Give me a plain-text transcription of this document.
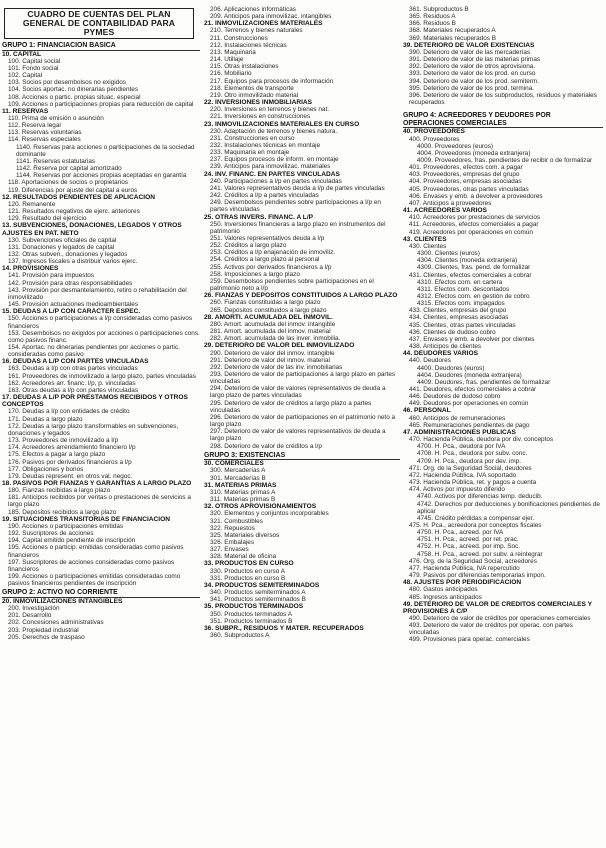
CUADRO DE CUENTAS DEL PLAN
GENERAL DE CONTABILIDAD PARA
PYMES
GRUPO 1: FINANCIACIÓN BÁSICA
10. CAPITAL
100. Capital social
101. Fondo social
102. Capital
103. Socios por desembolsos no exigidos
104. Socios aportac. no dinerarias pendientes
108. Acciones o partic. propias situac. especial
109. Acciones o participaciones propias para reducción de capital
11. RESERVAS
110. Prima de emisión o asunción
112. Reserva legal
113. Reservas voluntarias
114. Reservas especiales
1140. Reservas para acciones o participaciones de la sociedad dominante
1141. Reservas estatutarias
1142. Reserva por capital amortizado
1144. Reservas por acciones propias aceptadas en garantía
118. Aportaciones de socios o propietarios
119. Diferencias por ajuste del capital a euros
12. RESULTADOS PENDIENTES DE APLICACIÓN
120. Remanente
121. Resultados negativos de ejerc. anteriores
129. Resultado del ejercicio
13. SUBVENCIONES, DONACIONES, LEGADOS Y OTROS AJUSTES EN PAT. NETO
130. Subvenciones oficiales de capital
131. Donaciones y legados de capital
132. Otras subven., donaciones y legados
137. Ingresos fiscales a distribuir varios ejerc.
14. PROVISIONES
141. Provisión para impuestos
142. Provisión para otras responsabilidades
143. Provisión por desmantelamiento, retiro o rehabilitación del inmovilizado
145. Provisión actuaciones medioambientales
15. DEUDAS A L/P CON CARÁCTER ESPEC.
150. Acciones o participaciones a l/p consideradas como pasivos financieros
153. Desembolsos no exigidos por acciones o participaciones cons. como pasivos financ.
154. Aportac. no dinerarias pendientes por acciones o partic. consideradas como pasivo
16. DEUDAS A L/P CON PARTES VINCULADAS
163. Deudas a l/p con otras partes vinculadas
161. Proveedores de inmovilizado a largo plazo, partes vinculadas
162. Acreedores arr. financ. l/p, p. vinculadas
163. Otras deudas a l/p con partes vinculadas
17. DEUDAS A L/P POR PRÉSTAMOS RECIBIDOS Y OTROS CONCEPTOS
170. Deudas a l/p con entidades de crédito
171. Deudas a largo plazo
172. Deudas a largo plazo transformables en subvenciones, donaciones y legados
173. Proveedores de inmovilizado a l/p
174. Acreedores arrendamiento financiero l/p
175. Efectos a pagar a largo plazo
176. Pasivos por derivados financieros a l/p
177. Obligaciones y bonos
179. Deudas represent. en otros val. negoc.
18. PASIVOS POR FIANZAS Y GARANTÍAS A LARGO PLAZO
180. Fianzas recibidas a largo plazo
181. Anticipos recibidos por ventas o prestaciones de servicios a largo plazo
185. Depósitos recibidos a largo plazo
19. SITUACIONES TRANSITORIAS DE FINANCIACIÓN
190. Acciones o participaciones emitidas
192. Suscriptores de acciones
194. Capital emitido pendiente de inscripción
195. Acciones o particip. emitidas consideradas como pasivos financieros
197. Suscriptores de acciones consideradas como pasivos financieros
199. Acciones o participaciones emitidas consideradas como pasivos financieros pendientes de inscripción
GRUPO 2: ACTIVO NO CORRIENTE
20. INMOVILIZACIONES INTANGIBLES
200. Investigación
201. Desarrollo
202. Concesiones administrativas
203. Propiedad industrial
205. Derechos de traspaso
206. Aplicaciones informáticas
209. Anticipos para inmovilizac. intangibles
21. INMOVILIZACIONES MATERIALES
210. Terrenos y bienes naturales
211. Construcciones
212. Instalaciones técnicas
213. Maquinaria
214. Utillaje
215. Otras instalaciones
216. Mobiliario
217. Equipos para procesos de información
218. Elementos de transporte
219. Otro inmovilizado material
22. INVERSIONES INMOBILIARIAS
220. Inversiones en terrenos y bienes nat.
221. Inversiones en construcciones
23. INMOVILIZACIONES MATERIALES EN CURSO
230. Adaptación de terrenos y bienes natura.
231. Construcciones en curso
232. Instalaciones técnicas en montaje
233. Maquinaria en montaje
237. Equipos procesos de inform. en montaje
239. Anticipos para inmovilizac. materiales
24. INV. FINANC. EN PARTES VINCULADAS
240. Participaciones a l/p en partes vinculadas
241. Valores representativos deuda a l/p de partes vinculadas
242. Créditos a l/p a partes vinculadas
249. Desembolsos pendientes sobre participaciones a l/p en partes vinculadas
25. OTRAS INVERS. FINANC. A L/P
250. Inversiones financieras a largo plazo en instrumentos del patrimonio
251. Valores representativos deuda a l/p
252. Créditos a largo plazo
253. Créditos a l/p enajenación de inmoviliz.
254. Créditos a largo plazo al personal
255. Activos por derivados financieros a l/p
258. Imposiciones a largo plazo
259. Desembolsos pendientes sobre participaciones en el patrimonio neto a l/p
26. FIANZAS Y DEPÓSITOS CONSTITUIDOS A LARGO PLAZO
260. Fianzas constituidas a largo plazo
265. Depósitos constituidos a largo plazo
28. AMORTI. ACUMULADA DEL INMOVIL.
280. Amort. acumulada del inmov. intangible
281. Amort. acumulada del inmov. material
282. Amort. acumulada de las inver. inmobilia.
29. DETERIORO DE VALOR DEL INMOVILIZADO
290. Deterioro de valor del inmov. intangible
291. Deterioro de valor del inmov. material
292. Deterioro de valor de las inv. inmobiliarias
293. Deterioro de valor de participaciones a largo plazo en partes vinculadas
294. Deterioro de valor de valores representativos de deuda a largo plazo de partes vinculadas
295. Deterioro de valor de créditos a largo plazo a partes vinculadas
296. Deterioro de valor de participaciones en el patrimonio neto a largo plazo
297. Deterioro de valor de valores representativos de deuda a largo plazo
298. Deterioro de valor de créditos a l/p
GRUPO 3: EXISTENCIAS
30. COMERCIALES
300. Mercaderías A
301. Mercaderías B
31. MATERIAS PRIMAS
310. Materias primas A
311. Materias primas B
32. OTROS APROVISIONAMIENTOS
320. Elementos y conjuntos incorporables
321. Combustibles
322. Repuestos
325. Materiales diversos
326. Embalajes
327. Envases
328. Material de oficina
33. PRODUCTOS EN CURSO
330. Productos en curso A
331. Productos en curso B
34. PRODUCTOS SEMITERMINADOS
340. Productos semiterminados A
341. Productos semiterminados B
35. PRODUCTOS TERMINADOS
350. Productos terminados A
351. Productos terminados B
36. SUBPR., RESIDUOS Y MATER. RECUPERADOS
360. Subproductos A
361. Subproductos B
365. Residuos A
366. Residuos B
368. Materiales recuperados A
369. Materiales recuperados B
39. DETERIORO DE VALOR EXISTENCIAS
390. Deterioro de valor de las mercaderías
391. Deterioro de valor de las materias primas
392. Deterioro de valor de otros aprovisiona.
393. Deterioro de valor de los prod. en curso
394. Deterioro de valor de los prod. semiterm.
395. Deterioro de valor de los prod. termina.
396. Deterioro de valor de los subproductos, residuos y materiales recuperados
GRUPO 4: ACREEDORES Y DEUDORES POR OPERACIONES COMERCIALES
40. PROVEEDORES
400. Proveedores
4000. Proveedores (euros)
4004. Proveedores (moneda extranjera)
4009. Proveedores, fras. pendientes de recibir o de formalizar
401. Proveedores, efectos com. a pagar
403. Proveedores, empresas del grupo
404. Proveedores, empresas asociadas
405. Proveedores, otras partes vinculadas
406. Envases y emb. a devolver a proveedores
407. Anticipos a proveedores
41. ACREEDORES VARIOS
410. Acreedores por prestaciones de servicios
411. Acreedores, efectos comerciales a pagar
419. Acreedores por operaciones en común
43. CLIENTES
430. Clientes
4300. Clientes (euros)
4304. Clientes (moneda extranjera)
4309. Clientes, fras. pend. de formalizar
431. Clientes, efectos comerciales a cobrar
4310. Efectos com. en cartera
4311. Efectos com. descontados
4312. Efectos com. en gestión de cobro
4315. Efectos com. impagados
433. Clientes, empresas del grupo
434. Clientes, empresas asociadas
435. Clientes, otras partes vinculadas
436. Clientes de dudoso cobro
437. Envases y emb. a devolver por clientes
438. Anticipos de clientes
44. DEUDORES VARIOS
440. Deudores
4400. Deudores (euros)
4404. Deudores (moneda extranjera)
4409. Deudores, fras. pendientes de formalizar
441. Deudores, efectos comerciales a cobrar
446. Deudores de dudoso cobro
449. Deudores por operaciones en común
46. PERSONAL
460. Anticipos de remuneraciones
465. Remuneraciones pendientes de pago
47. ADMINISTRACIONES PÚBLICAS
470. Hacienda Pública, deudora por div. conceptos
4700. H. Pca., deudora por IVA
4708. H. Pca., deudora por subv. conc.
4709. H. Pca., deudora por dev. imp.
471. Org. de la Seguridad Social, deudores
472. Hacienda Pública, IVA soportado
473. Hacienda Pública, ret. y pagos a cuenta
474. Activos por impuesto diferido
4740. Activos por diferencias temp. deducib.
4742. Derechos por deducciones y bonificaciones pendientes de aplicar
4745. Crédito pérdidas a compensar ejer.
475. H. Pca., acreedora por conceptos fiscales
4750. H. Pca., acreed. por IVA
4751. H. Pca., acreed. por ret. prac.
4752. H. Pca., acreed. por imp. Soc.
4758. H. Pca., acreed. por subv. a reintegrar
476. Org. de la Seguridad Social, acreedores
477. Hacienda Pública, IVA repercutido
479. Pasivos por diferencias temporarias impon.
48. AJUSTES POR PERIODIFICACIÓN
480. Gastos anticipados
485. Ingresos anticipados
49. DETERIORO DE VALOR DE CRÉDITOS COMERCIALES Y PROVISIONES A C/P
490. Deterioro de valor de créditos por operaciones comerciales
493. Deterioro de valor de créditos por operac. con partes vinculadas
499. Provisiones para operac. comerciales
